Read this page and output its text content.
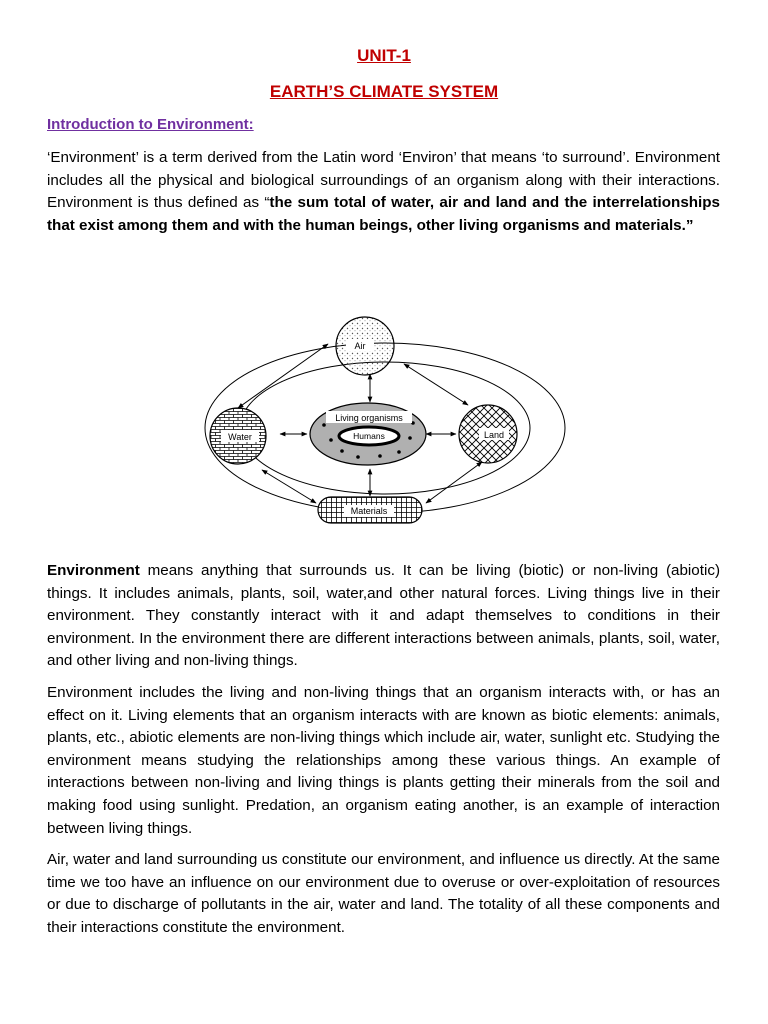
UNIT-1
EARTH’S CLIMATE SYSTEM
Introduction to Environment:

‘Environment’ is a term derived from the Latin word ‘Environ’ that means ‘to surround’. Environment includes all the physical and biological surroundings of an organism along with their interactions. Environment is thus defined as “the sum total of water, air and land and the interrelationships that exist among them and with the human beings, other living organisms and materials.”

Air
Water	Land
Living organisms
Humans
Materials

Environment means anything that surrounds us. It can be living (biotic) or non-living (abiotic) things. It includes animals, plants, soil, water,and other natural forces. Living things live in their environment. They constantly interact with it and adapt themselves to conditions in their environment. In the environment there are different interactions between animals, plants, soil, water, and other living and non-living things.

Environment includes the living and non-living things that an organism interacts with, or has an effect on it. Living elements that an organism interacts with are known as biotic elements: animals, plants, etc., abiotic elements are non-living things which include air, water, sunlight etc. Studying the environment means studying the relationships among these various things. An example of interactions between non-living and living things is plants getting their minerals from the soil and making food using sunlight. Predation, an organism eating another, is an example of interaction between living things.

Air, water and land surrounding us constitute our environment, and influence us directly. At the same time we too have an influence on our environment due to overuse or over-exploitation of resources or due to discharge of pollutants in the air, water and land. The totality of all these components and their interactions constitute the environment.
